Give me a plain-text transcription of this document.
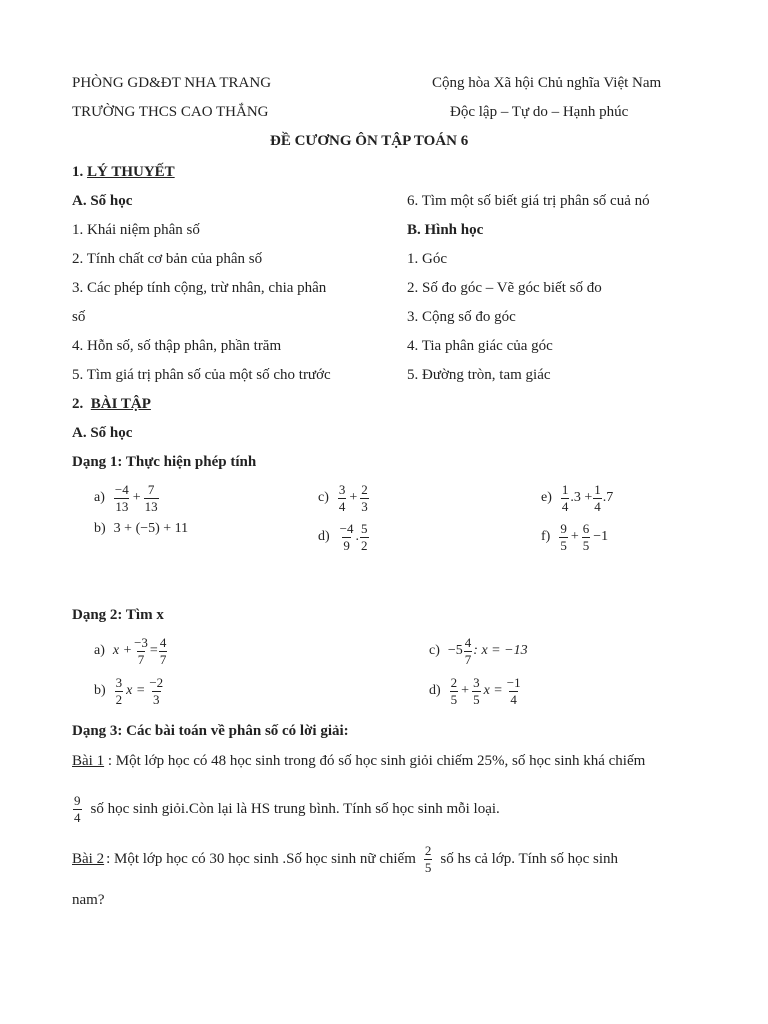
PHÒNG GD&ĐT NHA TRANG
TRƯỜNG THCS CAO THẮNG
Cộng hòa Xã hội Chủ nghĩa Việt Nam
Độc lập – Tự do – Hạnh phúc
ĐỀ CƯƠNG ÔN TẬP TOÁN 6
1. LÝ THUYẾT
A. Số học
1. Khái niệm phân số
2. Tính chất cơ bản của phân số
3. Các phép tính cộng, trừ nhân, chia phân
số
4. Hỗn số, số thập phân, phần trăm
5. Tìm giá trị phân số của một số cho trước
6. Tìm một số biết giá trị phân số cuả nó
B. Hình học
1. Góc
2. Số đo góc – Vẽ góc biết số đo
3. Cộng số đo góc
4. Tia phân giác của góc
5. Đường tròn, tam giác
2. BÀI TẬP
A. Số học
Dạng 1: Thực hiện phép tính
a)
−4
13
+ $\frac{7}{13}$
b) 3 + (−5) + 11
c)
3
4
+ $\frac{2}{3}$
d)
−4
9
.
5
2
e)
1
4
$.3 + \frac{1}{4} .7$
f)
9
5
+ $\frac{6}{5} -1$
Dạng 2: Tìm x
a) $x + \frac{-3}{7} = \frac{4}{7}$
b)
3
2
$x = \frac{-2}{3}$
c) −5
4
7
: x = −13
d)
2
5
+ $\frac{3}{5}$ $x = \frac{-1}{4}$
Dạng 3: Các bài toán về phân số có lời giải:
Bài 1 : Một lớp học có 48 học sinh trong đó số học sinh giỏi chiếm 25%, số học sinh khá chiếm
9
4
số học sinh giỏi.Còn lại là HS trung bình. Tính số học sinh mỗi loại.
Bài 2 : Một lớp học có 30 học sinh .Số học sinh nữ chiếm
2
5
số hs cả lớp. Tính số học sinh
nam?
